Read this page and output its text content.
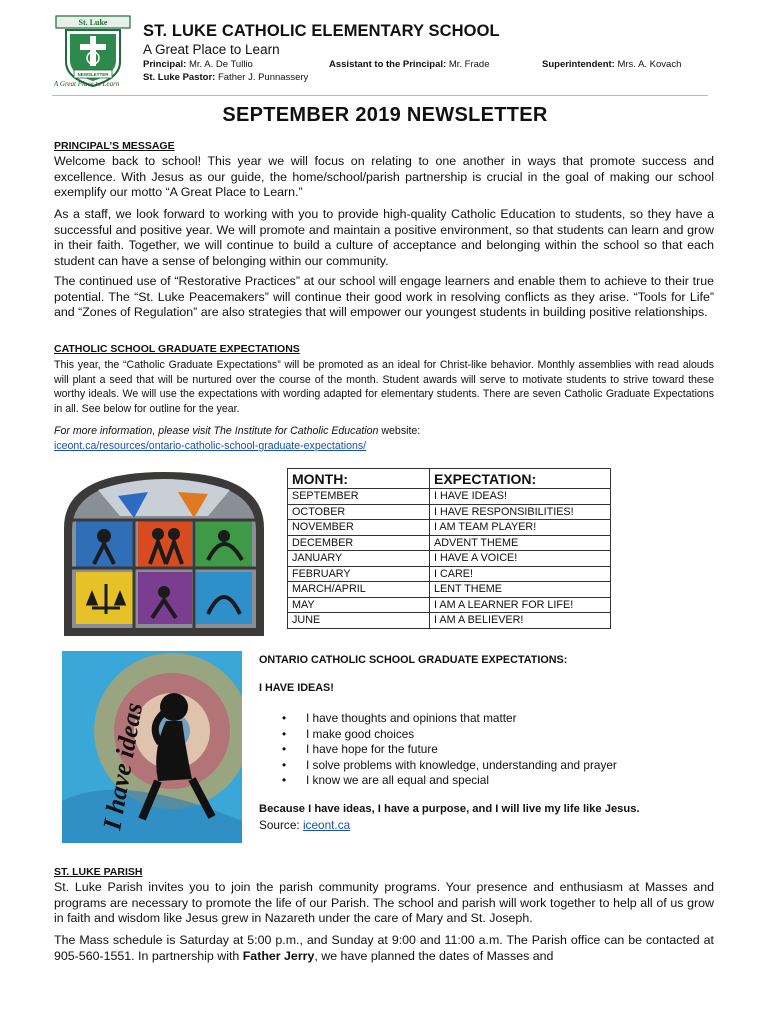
St. Luke
NEWSLETTER
A Great Place to Learn
ST. LUKE CATHOLIC ELEMENTARY SCHOOL
A Great Place to Learn
Principal: Mr. A. De Tullio	Assistant to the Principal: Mr. Frade	Superintendent: Mrs. A. Kovach
St. Luke Pastor: Father J. Punnassery
SEPTEMBER 2019 NEWSLETTER
PRINCIPAL’S MESSAGE

Welcome back to school! This year we will focus on relating to one another in ways that promote success and excellence. With Jesus as our guide, the home/school/parish partnership is crucial in the goal of making our school exemplify our motto “A Great Place to Learn.”

As a staff, we look forward to working with you to provide high-quality Catholic Education to students, so they have a successful and positive year. We will promote and maintain a positive environment, so that students can learn and grow in their faith. Together, we will continue to build a culture of acceptance and belonging within the school so that each student can have a sense of belonging within our community.

The continued use of “Restorative Practices” at our school will engage learners and enable them to achieve to their true potential. The “St. Luke Peacemakers” will continue their good work in resolving conflicts as they arise. “Tools for Life” and “Zones of Regulation” are also strategies that will empower our youngest students in building positive relationships.

CATHOLIC SCHOOL GRADUATE EXPECTATIONS

This year, the “Catholic Graduate Expectations” will be promoted as an ideal for Christ-like behavior. Monthly assemblies with read alouds will plant a seed that will be nurtured over the course of the month. Student awards will serve to motivate students to strive toward these worthy ideals. We will use the expectations with wording adapted for elementary students. There are seven Catholic Graduate Expectations in all. See below for outline for the year.

For more information, please visit The Institute for Catholic Education website:

iceont.ca/resources/ontario-catholic-school-graduate-expectations/
MONTH:	EXPECTATION:
SEPTEMBER	I HAVE IDEAS!
OCTOBER	I HAVE RESPONSIBILITIES!
NOVEMBER	I AM TEAM PLAYER!
DECEMBER	ADVENT THEME
JANUARY	I HAVE A VOICE!
FEBRUARY	I CARE!
MARCH/APRIL	LENT THEME
MAY	I AM A LEARNER FOR LIFE!
JUNE	I AM A BELIEVER!
I have ideas
ONTARIO CATHOLIC SCHOOL GRADUATE EXPECTATIONS:
I HAVE IDEAS!
• I have thoughts and opinions that matter
• I make good choices
• I have hope for the future
• I solve problems with knowledge, understanding and prayer
• I know we are all equal and special
Because I have ideas, I have a purpose, and I will live my life like Jesus.
Source: iceont.ca
ST. LUKE PARISH

St. Luke Parish invites you to join the parish community programs. Your presence and enthusiasm at Masses and programs are necessary to promote the life of our Parish. The school and parish will work together to help all of us grow in faith and wisdom like Jesus grew in Nazareth under the care of Mary and St. Joseph.

The Mass schedule is Saturday at 5:00 p.m., and Sunday at 9:00 and 11:00 a.m. The Parish office can be contacted at 905-560-1551. In partnership with Father Jerry, we have planned the dates of Masses and
